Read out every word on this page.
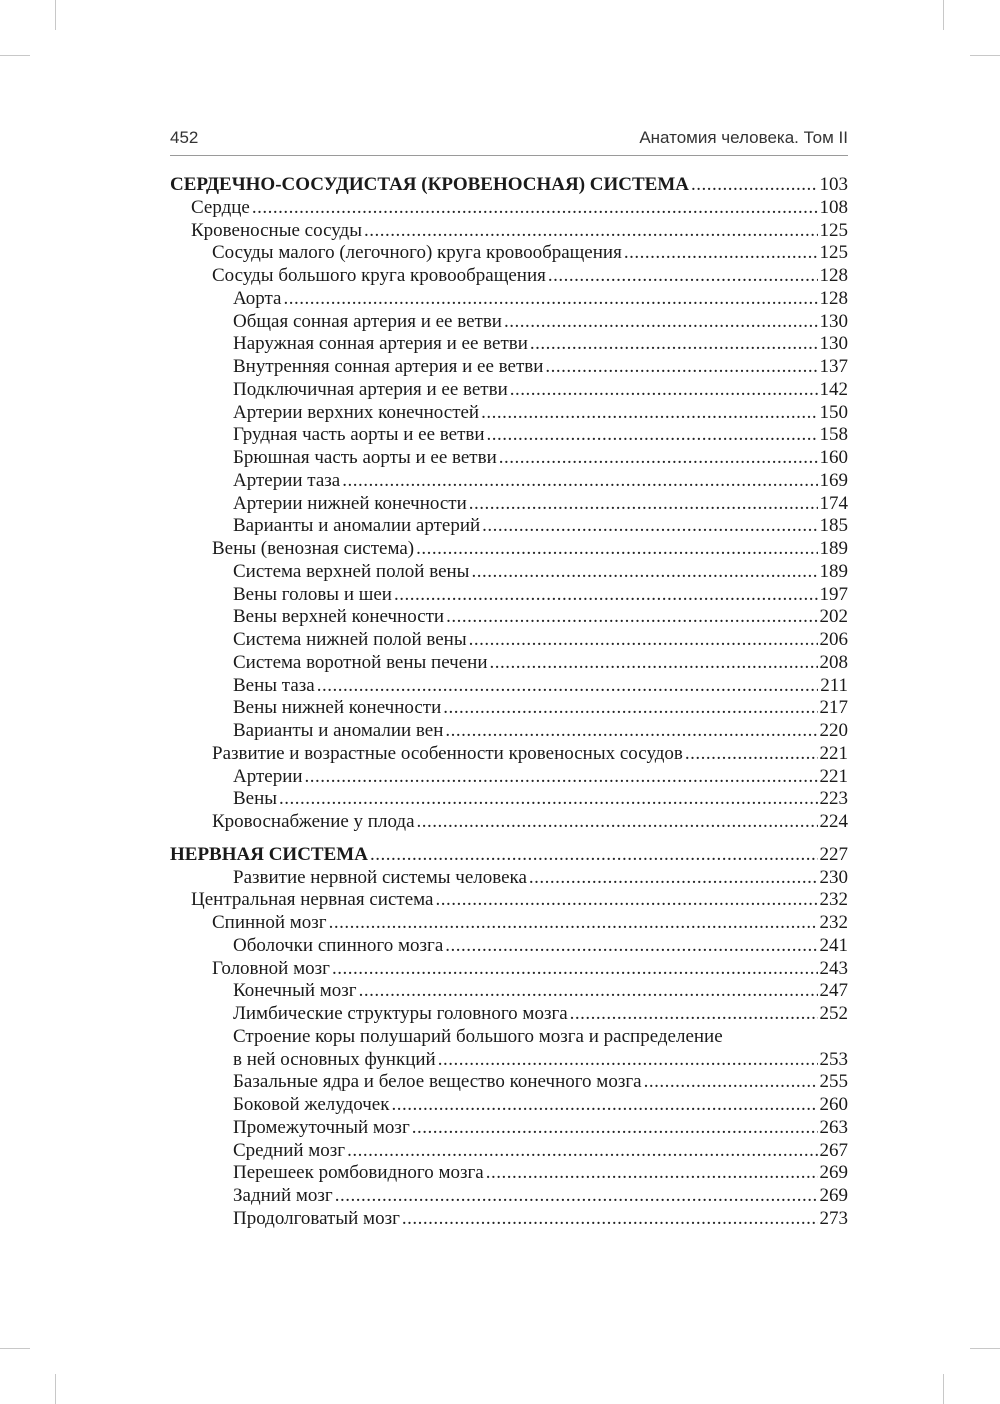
452	Анатомия человека. Том II
СЕРДЕЧНО-СОСУДИСТАЯ (КРОВЕНОСНАЯ) СИСТЕМА .....	103
Сердце .....	108
Кровеносные сосуды .....	125
Сосуды малого (легочного) круга кровообращения .....	125
Сосуды большого круга кровообращения .....	128
Аорта .....	128
Общая сонная артерия и ее ветви .....	130
Наружная сонная артерия и ее ветви .....	130
Внутренняя сонная артерия и ее ветви .....	137
Подключичная артерия и ее ветви .....	142
Артерии верхних конечностей .....	150
Грудная часть аорты и ее ветви .....	158
Брюшная часть аорты и ее ветви .....	160
Артерии таза .....	169
Артерии нижней конечности .....	174
Варианты и аномалии артерий .....	185
Вены (венозная система) .....	189
Система верхней полой вены .....	189
Вены головы и шеи .....	197
Вены верхней конечности .....	202
Система нижней полой вены .....	206
Система воротной вены печени .....	208
Вены таза .....	211
Вены нижней конечности .....	217
Варианты и аномалии вен .....	220
Развитие и возрастные особенности кровеносных сосудов .....	221
Артерии .....	221
Вены .....	223
Кровоснабжение у плода .....	224
НЕРВНАЯ СИСТЕМА .....	227
Развитие нервной системы человека .....	230
Центральная нервная система .....	232
Спинной мозг .....	232
Оболочки спинного мозга .....	241
Головной мозг .....	243
Конечный мозг .....	247
Лимбические структуры головного мозга .....	252
Строение коры полушарий большого мозга и распределение
в ней основных функций .....	253
Базальные ядра и белое вещество конечного мозга .....	255
Боковой желудочек .....	260
Промежуточный мозг .....	263
Средний мозг .....	267
Перешеек ромбовидного мозга .....	269
Задний мозг .....	269
Продолговатый мозг .....	273
